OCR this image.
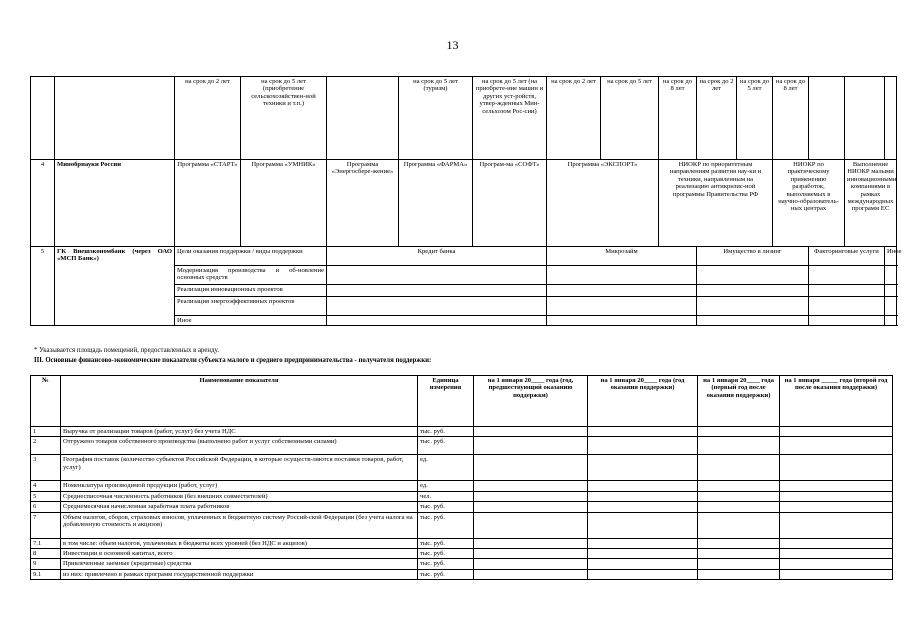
13
		на срок до 2 лет	на срок до 5 лет (приобретение сельскохозяйствен-ной техники и т.п.)		на срок до 5 лет (туризм)	на срок до 5 лет (на приобрете-ние машин и других уст-ройств, утвер-жденных Мин-сельхозом Рос-сии)	на срок до 2 лет	на срок до 5 лет	на срок до 8 лет	на срок до 2 лет	на срок до 5 лет	на срок до 8 лет			
4	Минобрнауки России	Программа «СТАРТ»	Программа «УМНИК»	Программа «Энергосбере-жение»	Программа «ФАРМА»	Програм-ма «СОФТ»	Программа «ЭКСПОРТ»		НИОКР по приоритетным направлениям развития нау-ки и техники, направленным на реализацию антикризис-ной программы Правительства РФ			НИОКР по практическому применению разработок, выполняемых в научно-образователь-ных центрах		Выполнение НИОКР малыми инновационными компаниями в рамках международных программ ЕС	
5	ГК Внешэкономбанк (через ОАО «МСП Банк»)	Цели оказания поддержки / виды поддержки		Кредит банка			Микрозайм			Имущество в лизинг			Факторинговые услуги		Иное
		Модернизация производства и об-новление основных средств													
		Реализация инновационных проектов													
		Реализация энергоэффективных проектов													
		Иное													
* Указывается площадь помещений, предоставленных в аренду.
III. Основные финансово-экономические показатели субъекта малого и среднего предпринимательства - получателя поддержки:
№	Наименование показателя	Единица измерения	на 1 января 20____ года (год, предшествующий оказанию поддержки)	на 1 января 20____ года (год оказания поддержки)	на 1 января 20____ года (первый год после оказания поддержки)	на 1 января _____ года (второй год после оказания поддержки)
1	Выручка от реализации товаров (работ, услуг) без учета НДС	тыс. руб.				
2	Отгружено товаров собственного производства (выполнено работ и услуг собственными силами)	тыс. руб.				
3	География поставок (количество субъектов Российской Федерации, в которые осуществ-ляются поставки товаров, работ, услуг)	ед.				
4	Номенклатура производимой продукции (работ, услуг)	ед.				
5	Среднесписочная численность работников (без внешних совместителей)	чел.				
6	Среднемесячная начисленная заработная плата работников	тыс. руб.				
7	Объем налогов, сборов, страховых взносов, уплаченных в бюджетную систему Россий-ской Федерации (без учета налога на добавленную стоимость и акцизов)	тыс. руб.				
7.1	в том числе: объем налогов, уплаченных в бюджеты всех уровней (без НДС и акцизов)	тыс. руб.				
8	Инвестиции в основной капитал, всего	тыс. руб.				
9	Привлеченные заемные (кредитные) средства	тыс. руб.				
9.1	из них: привлечено в рамках программ государственной поддержки	тыс. руб.				
